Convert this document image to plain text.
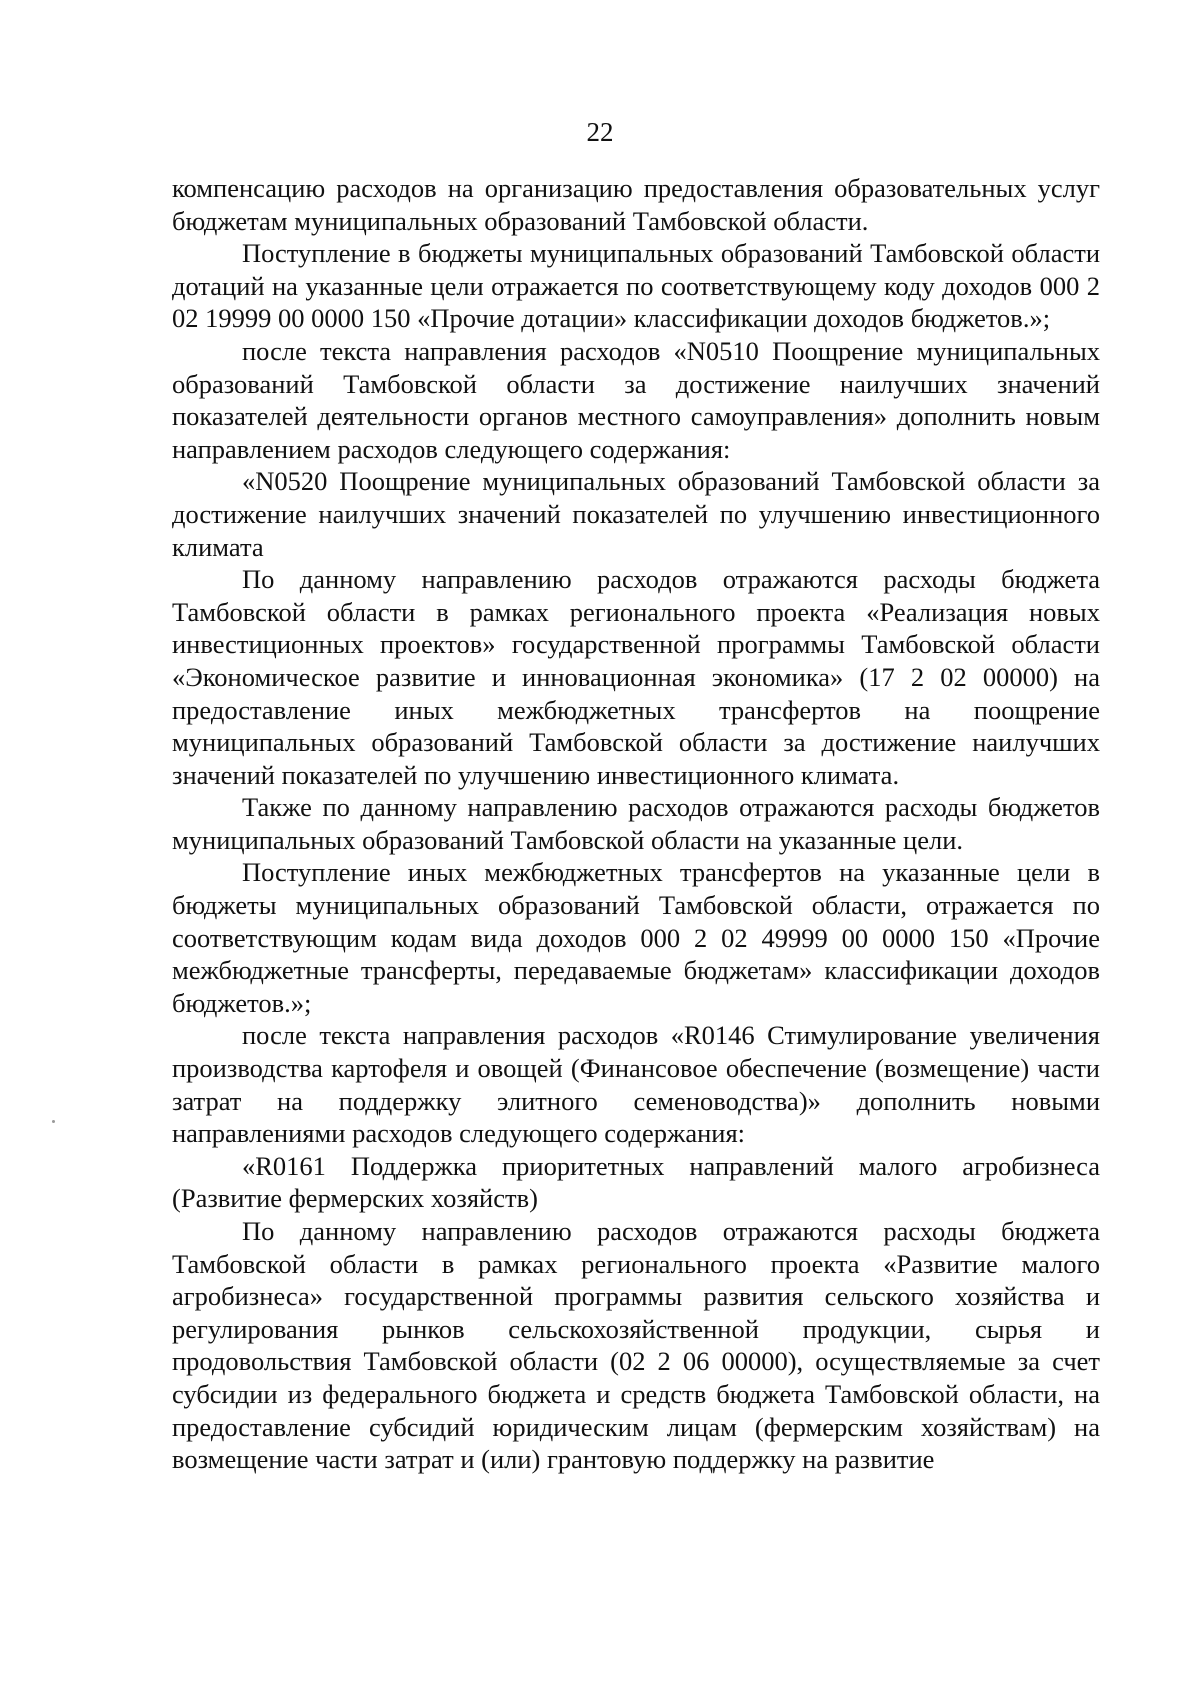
22

компенсацию расходов на организацию предоставления образовательных услуг бюджетам муниципальных образований Тамбовской области.

Поступление в бюджеты муниципальных образований Тамбовской области дотаций на указанные цели отражается по соответствующему коду доходов 000 2 02 19999 00 0000 150 «Прочие дотации» классификации доходов бюджетов.»;

после текста направления расходов «N0510 Поощрение муниципальных образований Тамбовской области за достижение наилучших значений показателей деятельности органов местного самоуправления» дополнить новым направлением расходов следующего содержания:

«N0520 Поощрение муниципальных образований Тамбовской области за достижение наилучших значений показателей по улучшению инвестиционного климата

По данному направлению расходов отражаются расходы бюджета Тамбовской области в рамках регионального проекта «Реализация новых инвестиционных проектов» государственной программы Тамбовской области «Экономическое развитие и инновационная экономика» (17 2 02 00000) на предоставление иных межбюджетных трансфертов на поощрение муниципальных образований Тамбовской области за достижение наилучших значений показателей по улучшению инвестиционного климата.

Также по данному направлению расходов отражаются расходы бюджетов муниципальных образований Тамбовской области на указанные цели.

Поступление иных межбюджетных трансфертов на указанные цели в бюджеты муниципальных образований Тамбовской области, отражается по соответствующим кодам вида доходов 000 2 02 49999 00 0000 150 «Прочие межбюджетные трансферты, передаваемые бюджетам» классификации доходов бюджетов.»;

после текста направления расходов «R0146 Стимулирование увеличения производства картофеля и овощей (Финансовое обеспечение (возмещение) части затрат на поддержку элитного семеноводства)» дополнить новыми направлениями расходов следующего содержания:

«R0161 Поддержка приоритетных направлений малого агробизнеса (Развитие фермерских хозяйств)

По данному направлению расходов отражаются расходы бюджета Тамбовской области в рамках регионального проекта «Развитие малого агробизнеса» государственной программы развития сельского хозяйства и регулирования рынков сельскохозяйственной продукции, сырья и продовольствия Тамбовской области (02 2 06 00000), осуществляемые за счет субсидии из федерального бюджета и средств бюджета Тамбовской области, на предоставление субсидий юридическим лицам (фермерским хозяйствам) на возмещение части затрат и (или) грантовую поддержку на развитие
